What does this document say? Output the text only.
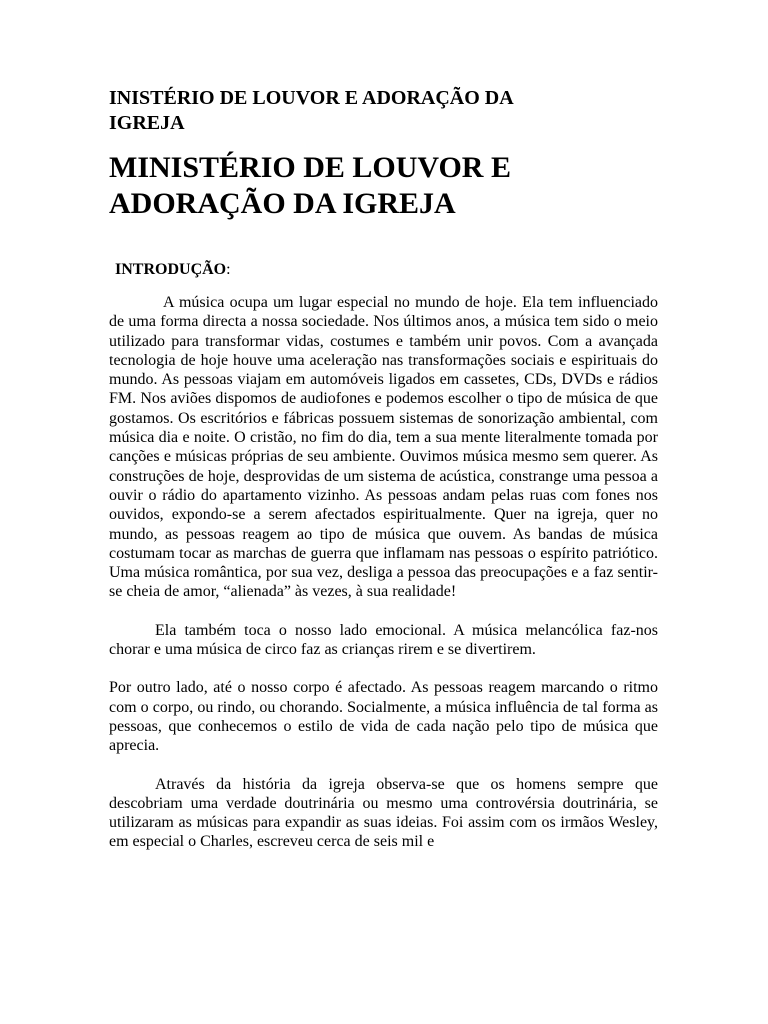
INISTÉRIO DE LOUVOR E ADORAÇÃO DA IGREJA
MINISTÉRIO DE LOUVOR E ADORAÇÃO DA IGREJA
INTRODUÇÃO:

A música ocupa um lugar especial no mundo de hoje. Ela tem influenciado de uma forma directa a nossa sociedade. Nos últimos anos, a música tem sido o meio utilizado para transformar vidas, costumes e também unir povos. Com a avançada tecnologia de hoje houve uma aceleração nas transformações sociais e espirituais do mundo. As pessoas viajam em automóveis ligados em cassetes, CDs, DVDs e rádios FM. Nos aviões dispomos de audiofones e podemos escolher o tipo de música de que gostamos. Os escritórios e fábricas possuem sistemas de sonorização ambiental, com música dia e noite. O cristão, no fim do dia, tem a sua mente literalmente tomada por canções e músicas próprias de seu ambiente. Ouvimos música mesmo sem querer. As construções de hoje, desprovidas de um sistema de acústica, constrange uma pessoa a ouvir o rádio do apartamento vizinho. As pessoas andam pelas ruas com fones nos ouvidos, expondo-se a serem afectados espiritualmente. Quer na igreja, quer no mundo, as pessoas reagem ao tipo de música que ouvem. As bandas de música costumam tocar as marchas de guerra que inflamam nas pessoas o espírito patriótico. Uma música romântica, por sua vez, desliga a pessoa das preocupações e a faz sentir-se cheia de amor, “alienada” às vezes, à sua realidade!

Ela também toca o nosso lado emocional. A música melancólica faz-nos chorar e uma música de circo faz as crianças rirem e se divertirem.

Por outro lado, até o nosso corpo é afectado. As pessoas reagem marcando o ritmo com o corpo, ou rindo, ou chorando. Socialmente, a música influência de tal forma as pessoas, que conhecemos o estilo de vida de cada nação pelo tipo de música que aprecia.

Através da história da igreja observa-se que os homens sempre que descobriam uma verdade doutrinária ou mesmo uma controvérsia doutrinária, se utilizaram as músicas para expandir as suas ideias. Foi assim com os irmãos Wesley, em especial o Charles, escreveu cerca de seis mil e
